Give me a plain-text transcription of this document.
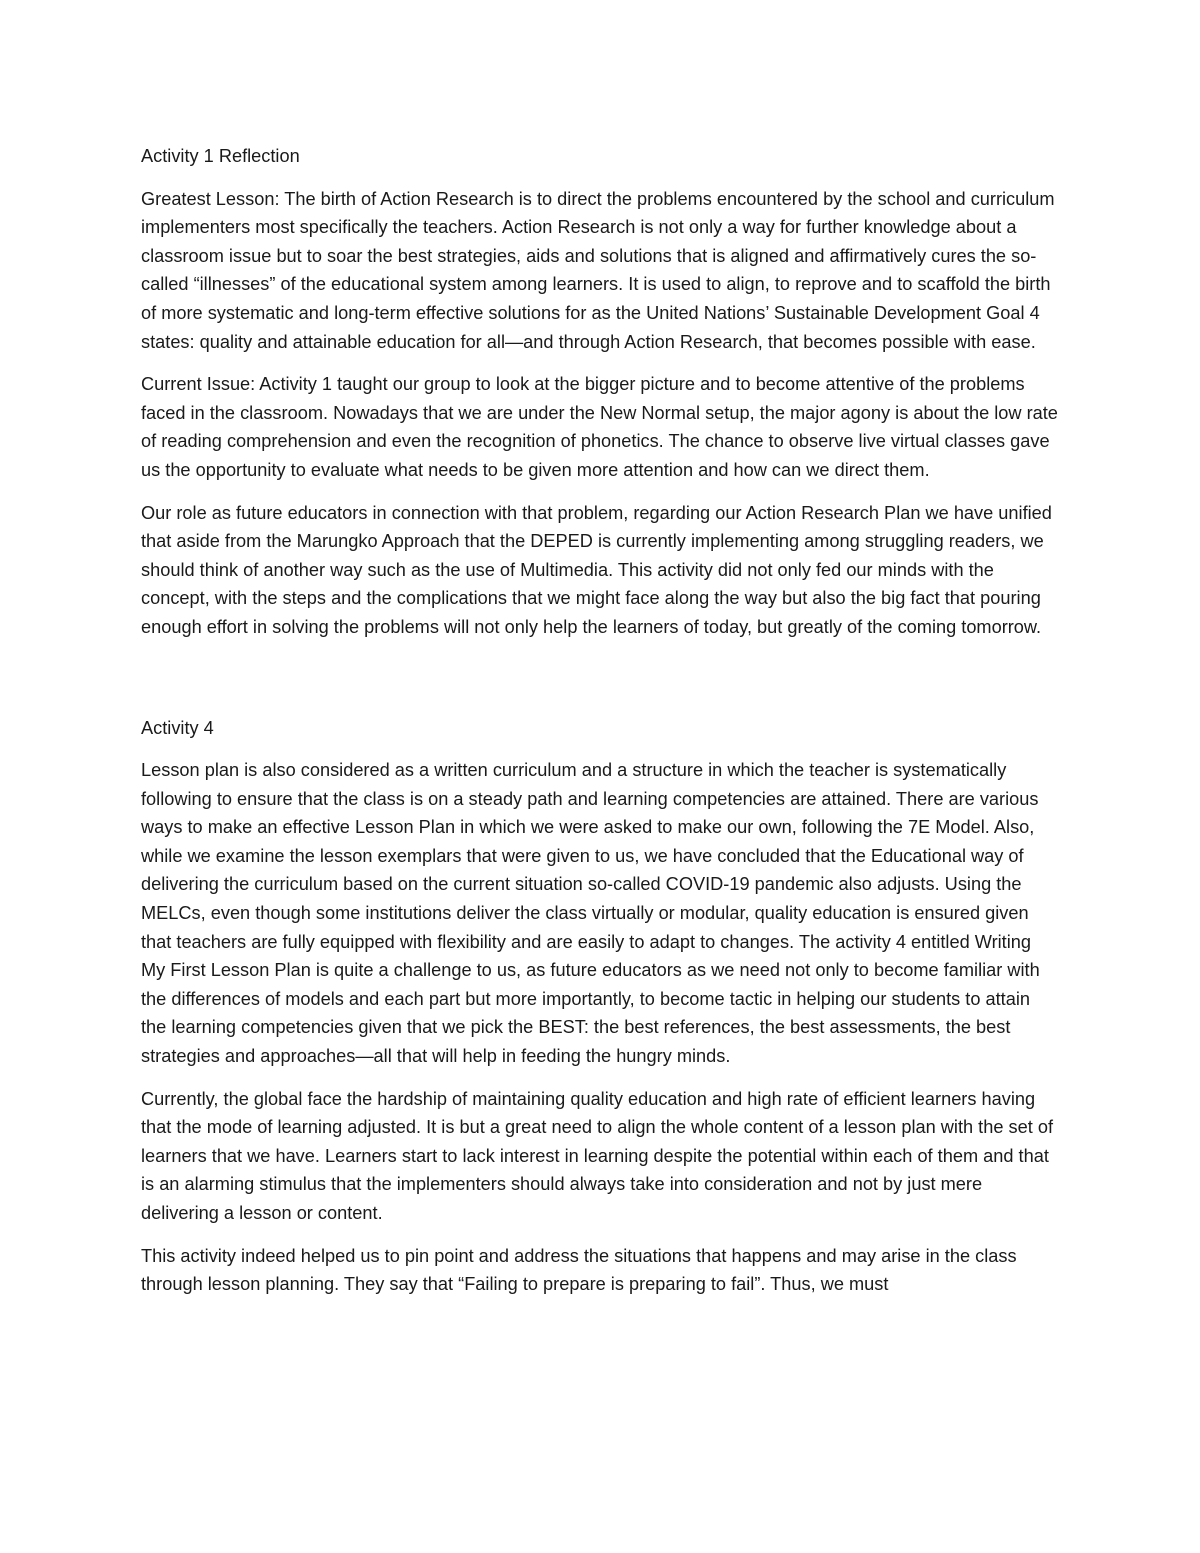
Activity 1 Reflection

Greatest Lesson: The birth of Action Research is to direct the problems encountered by the school and curriculum implementers most specifically the teachers. Action Research is not only a way for further knowledge about a classroom issue but to soar the best strategies, aids and solutions that is aligned and affirmatively cures the so-called “illnesses” of the educational system among learners. It is used to align, to reprove and to scaffold the birth of more systematic and long-term effective solutions for as the United Nations’ Sustainable Development Goal 4 states: quality and attainable education for all—and through Action Research, that becomes possible with ease.

Current Issue: Activity 1 taught our group to look at the bigger picture and to become attentive of the problems faced in the classroom. Nowadays that we are under the New Normal setup, the major agony is about the low rate of reading comprehension and even the recognition of phonetics. The chance to observe live virtual classes gave us the opportunity to evaluate what needs to be given more attention and how can we direct them.

Our role as future educators in connection with that problem, regarding our Action Research Plan we have unified that aside from the Marungko Approach that the DEPED is currently implementing among struggling readers, we should think of another way such as the use of Multimedia. This activity did not only fed our minds with the concept, with the steps and the complications that we might face along the way but also the big fact that pouring enough effort in solving the problems will not only help the learners of today, but greatly of the coming tomorrow.

Activity 4

Lesson plan is also considered as a written curriculum and a structure in which the teacher is systematically following to ensure that the class is on a steady path and learning competencies are attained. There are various ways to make an effective Lesson Plan in which we were asked to make our own, following the 7E Model. Also, while we examine the lesson exemplars that were given to us, we have concluded that the Educational way of delivering the curriculum based on the current situation so-called COVID-19 pandemic also adjusts. Using the MELCs, even though some institutions deliver the class virtually or modular, quality education is ensured given that teachers are fully equipped with flexibility and are easily to adapt to changes. The activity 4 entitled Writing My First Lesson Plan is quite a challenge to us, as future educators as we need not only to become familiar with the differences of models and each part but more importantly, to become tactic in helping our students to attain the learning competencies given that we pick the BEST: the best references, the best assessments, the best strategies and approaches—all that will help in feeding the hungry minds.

Currently, the global face the hardship of maintaining quality education and high rate of efficient learners having that the mode of learning adjusted. It is but a great need to align the whole content of a lesson plan with the set of learners that we have. Learners start to lack interest in learning despite the potential within each of them and that is an alarming stimulus that the implementers should always take into consideration and not by just mere delivering a lesson or content.

This activity indeed helped us to pin point and address the situations that happens and may arise in the class through lesson planning. They say that “Failing to prepare is preparing to fail”. Thus, we must
